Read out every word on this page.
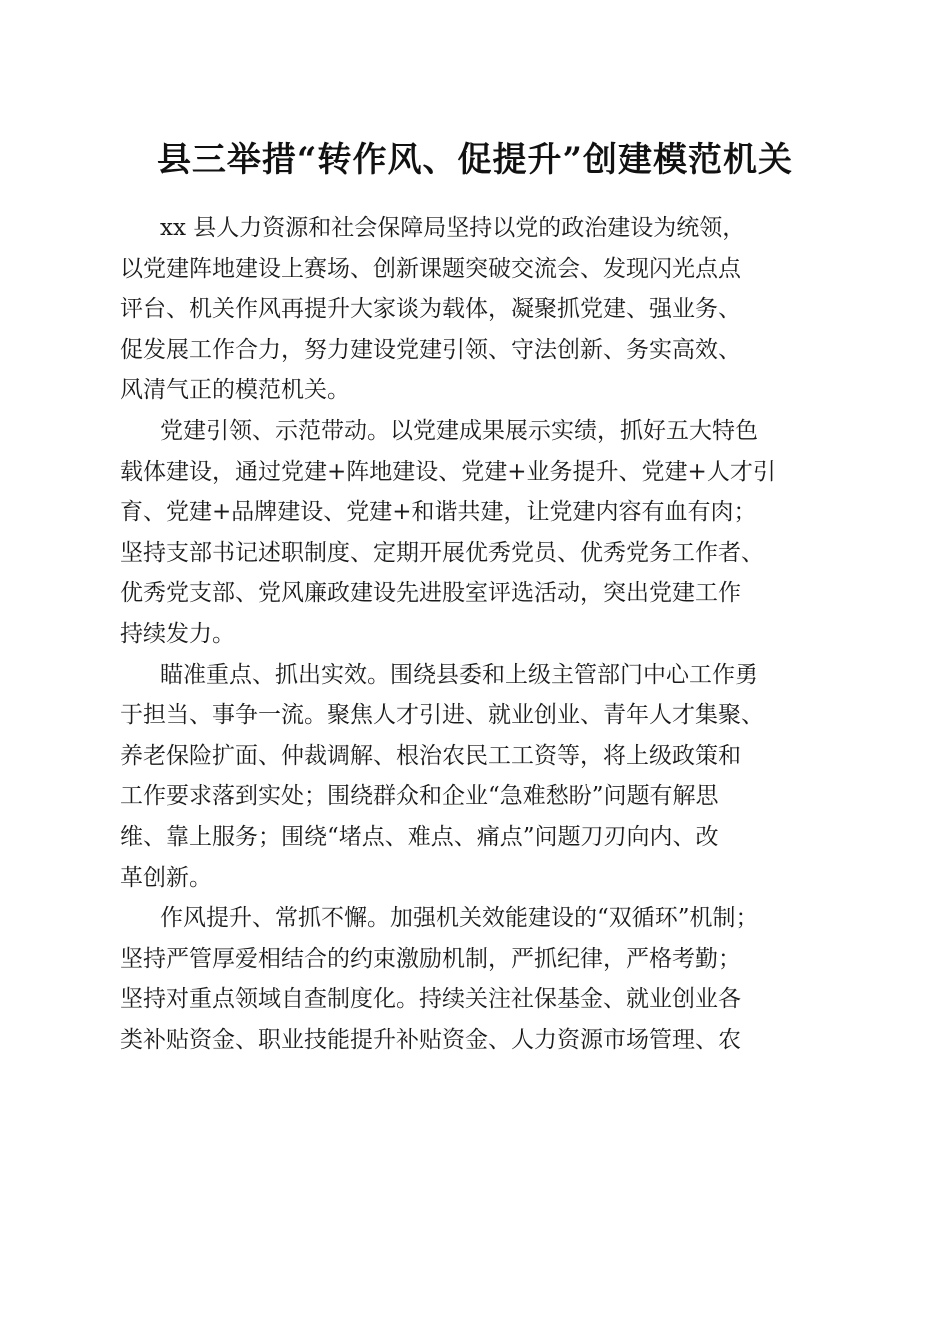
县三举措“转作风、促提升”创建模范机关

xx 县人力资源和社会保障局坚持以党的政治建设为统领，
以党建阵地建设上赛场、创新课题突破交流会、发现闪光点点
评台、机关作风再提升大家谈为载体，凝聚抓党建、强业务、
促发展工作合力，努力建设党建引领、守法创新、务实高效、
风清气正的模范机关。

党建引领、示范带动。以党建成果展示实绩，抓好五大特色
载体建设，通过党建+阵地建设、党建+业务提升、党建+人才引
育、党建+品牌建设、党建+和谐共建，让党建内容有血有肉；
坚持支部书记述职制度、定期开展优秀党员、优秀党务工作者、
优秀党支部、党风廉政建设先进股室评选活动，突出党建工作
持续发力。

瞄准重点、抓出实效。围绕县委和上级主管部门中心工作勇
于担当、事争一流。聚焦人才引进、就业创业、青年人才集聚、
养老保险扩面、仲裁调解、根治农民工工资等，将上级政策和
工作要求落到实处；围绕群众和企业“急难愁盼”问题有解思
维、靠上服务；围绕“堵点、难点、痛点”问题刀刃向内、改
革创新。

作风提升、常抓不懈。加强机关效能建设的“双循环”机制；
坚持严管厚爱相结合的约束激励机制，严抓纪律，严格考勤；
坚持对重点领域自查制度化。持续关注社保基金、就业创业各
类补贴资金、职业技能提升补贴资金、人力资源市场管理、农
